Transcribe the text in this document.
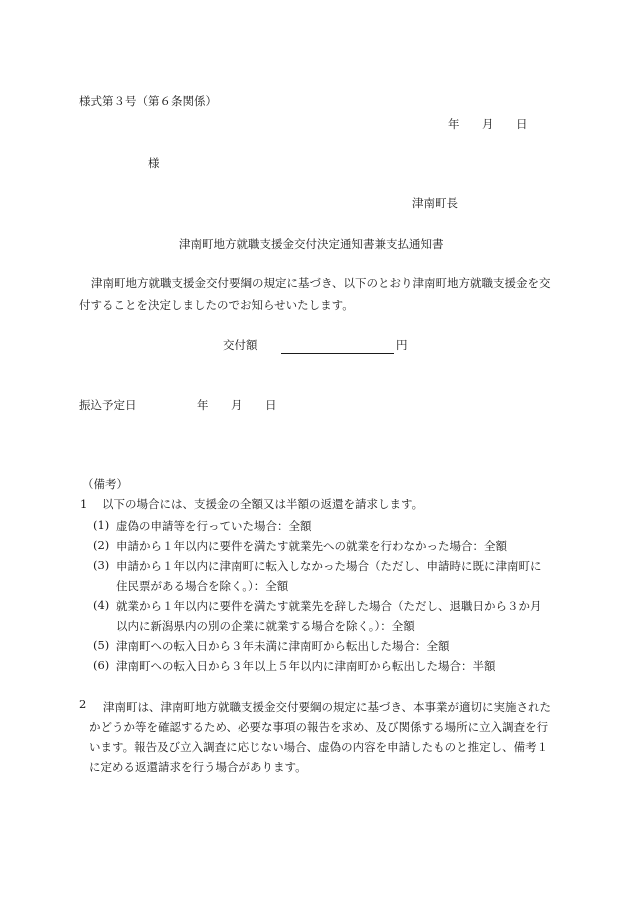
様式第３号（第６条関係）
年 月 日
様
津南町長
津南町地方就職支援金交付決定通知書兼支払通知書
津南町地方就職支援金交付要綱の規定に基づき、以下のとおり津南町地方就職支援金を交付することを決定しましたのでお知らせいたします。
交付額	円
振込予定日	年 月 日
（備考）
1 以下の場合には、支援金の全額又は半額の返還を請求します。
(1) 虚偽の申請等を行っていた場合：全額
(2) 申請から１年以内に要件を満たす就業先への就業を行わなかった場合：全額
(3) 申請から１年以内に津南町に転入しなかった場合（ただし、申請時に既に津南町に
住民票がある場合を除く。）：全額
(4) 就業から１年以内に要件を満たす就業先を辞した場合（ただし、退職日から３か月
以内に新潟県内の別の企業に就業する場合を除く。）：全額
(5) 津南町への転入日から３年未満に津南町から転出した場合：全額
(6) 津南町への転入日から３年以上５年以内に津南町から転出した場合：半額
2	津南町は、津南町地方就職支援金交付要綱の規定に基づき、本事業が適切に実施されたかどうか等を確認するため、必要な事項の報告を求め、及び関係する場所に立入調査を行います。報告及び立入調査に応じない場合、虚偽の内容を申請したものと推定し、備考１に定める返還請求を行う場合があります。
